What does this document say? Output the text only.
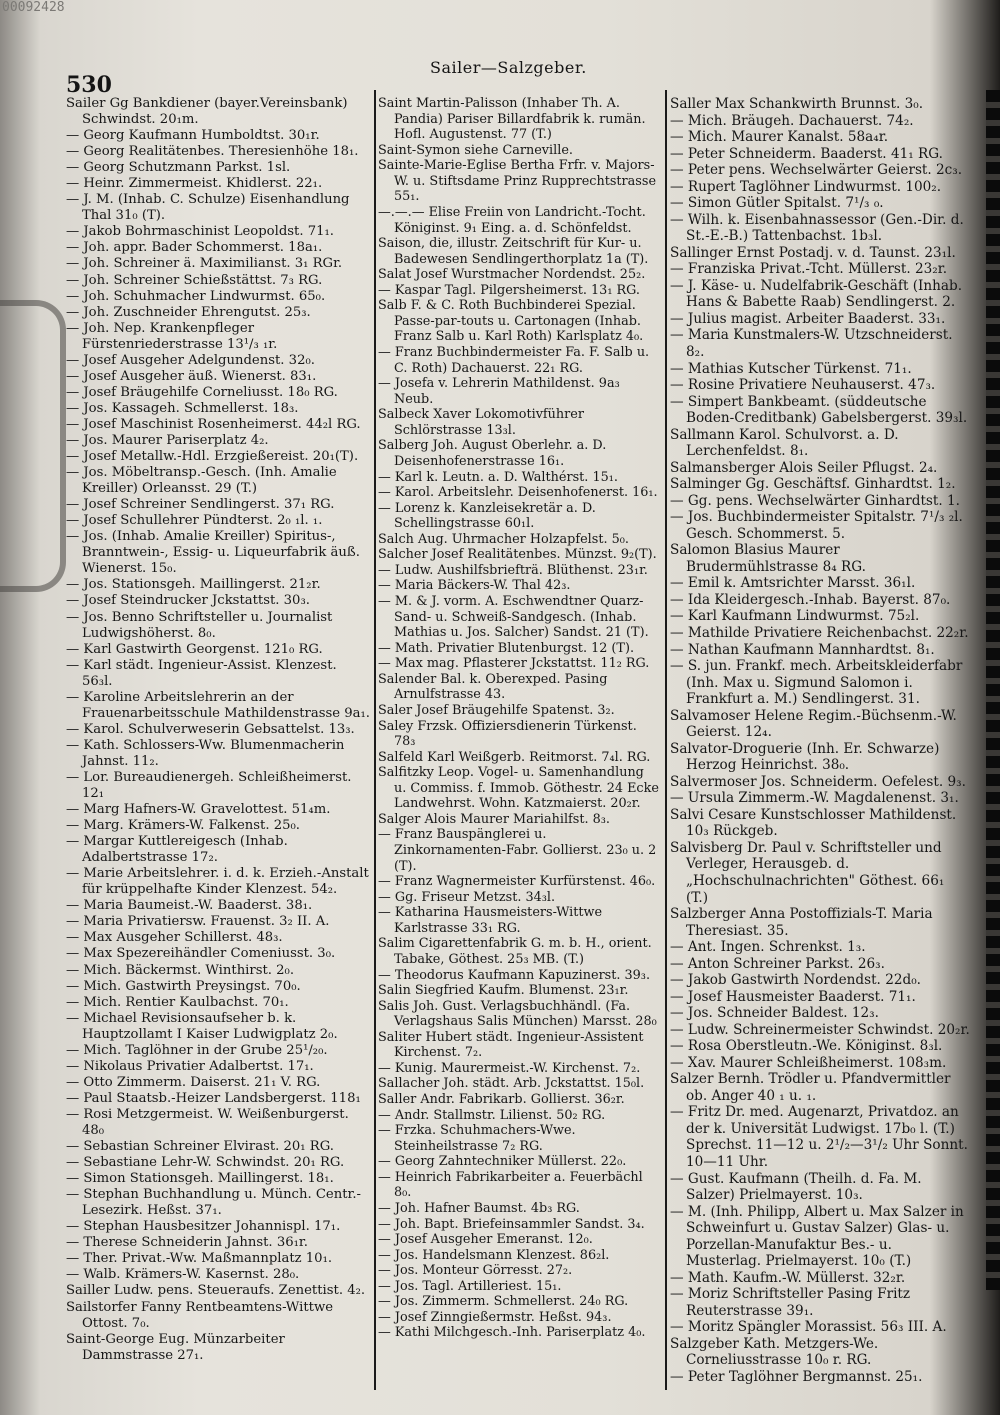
00092428
530
Sailer—Salzgeber.

Sailer Gg Bankdiener (bayer.Vereinsbank) Schwindst. 20₁m.

— Georg Kaufmann Humboldtst. 30₁r.

— Georg Realitätenbes. Theresienhöhe 18₁.

— Georg Schutzmann Parkst. 1sl.

— Heinr. Zimmermeist. Khidlerst. 22₁.

— J. M. (Inhab. C. Schulze) Eisenhandlung Thal 31₀ (T).

— Jakob Bohrmaschinist Leopoldst. 71₁.

— Joh. appr. Bader Schommerst. 18a₁.

— Joh. Schreiner ä. Maximilianst. 3₁ RGr.

— Joh. Schreiner Schießstättst. 7₃ RG.

— Joh. Schuhmacher Lindwurmst. 65₀.

— Joh. Zuschneider Ehrengutst. 25₃.

— Joh. Nep. Krankenpfleger Fürstenriederstrasse 13¹/₃ ₁r.

— Josef Ausgeher Adelgundenst. 32₀.

— Josef Ausgeher äuß. Wienerst. 83₁.

— Josef Bräugehilfe Corneliusst. 18₀ RG.

— Jos. Kassageh. Schmellerst. 18₃.

— Josef Maschinist Rosenheimerst. 44₂l RG.

— Jos. Maurer Pariserplatz 4₂.

— Josef Metallw.-Hdl. Erzgießereist. 20₁(T).

— Jos. Möbeltransp.-Gesch. (Inh. Amalie Kreiller) Orleansst. 29 (T.)

— Josef Schreiner Sendlingerst. 37₁ RG.

— Josef Schullehrer Pündterst. 2₀ ₁l. ₁.

— Jos. (Inhab. Amalie Kreiller) Spiritus-, Branntwein-, Essig- u. Liqueurfabrik äuß. Wienerst. 15₀.

— Jos. Stationsgeh. Maillingerst. 21₂r.

— Josef Steindrucker Jckstattst. 30₃.

— Jos. Benno Schriftsteller u. Journalist Ludwigshöherst. 8₀.

— Karl Gastwirth Georgenst. 121₀ RG.

— Karl städt. Ingenieur-Assist. Klenzest. 56₃l.

— Karoline Arbeitslehrerin an der Frauenarbeitsschule Mathildenstrasse 9a₁.

— Karol. Schulverweserin Gebsattelst. 13₃.

— Kath. Schlossers-Ww. Blumenmacherin Jahnst. 11₂.

— Lor. Bureaudienergeh. Schleißheimerst. 12₁

— Marg Hafners-W. Gravelottest. 51₄m.

— Marg. Krämers-W. Falkenst. 25₀.

— Margar Kuttlereigesch (Inhab. Adalbertstrasse 17₂.

— Marie Arbeitslehrer. i. d. k. Erzieh.-Anstalt für krüppelhafte Kinder Klenzest. 54₂.

— Maria Baumeist.-W. Baaderst. 38₁.

— Maria Privatiersw. Frauenst. 3₂ II. A.

— Max Ausgeher Schillerst. 48₃.

— Max Spezereihändler Comeniusst. 3₀.

— Mich. Bäckermst. Winthirst. 2₀.

— Mich. Gastwirth Preysingst. 70₀.

— Mich. Rentier Kaulbachst. 70₁.

— Michael Revisionsaufseher b. k. Hauptzollamt I Kaiser Ludwigplatz 2₀.

— Mich. Taglöhner in der Grube 25¹/₂₀.

— Nikolaus Privatier Adalbertst. 17₁.

— Otto Zimmerm. Daiserst. 21₁ V. RG.

— Paul Staatsb.-Heizer Landsbergerst. 118₁

— Rosi Metzgermeist. W. Weißenburgerst. 48₀

— Sebastian Schreiner Elvirast. 20₁ RG.

— Sebastiane Lehr-W. Schwindst. 20₁ RG.

— Simon Stationsgeh. Maillingerst. 18₁.

— Stephan Buchhandlung u. Münch. Centr.-Lesezirk. Heßst. 37₁.

— Stephan Hausbesitzer Johannispl. 17₁.

— Therese Schneiderin Jahnst. 36₁r.

— Ther. Privat.-Ww. Maßmannplatz 10₁.

— Walb. Krämers-W. Kasernst. 28₀.

Sailler Ludw. pens. Steueraufs. Zenettist. 4₂.

Sailstorfer Fanny Rentbeamtens-Wittwe Ottost. 7₀.

Saint-George Eug. Münzarbeiter Dammstrasse 27₁.

Saint Martin-Palisson (Inhaber Th. A. Pandia) Pariser Billardfabrik k. rumän. Hofl. Augustenst. 77 (T.)

Saint-Symon siehe Carneville.

Sainte-Marie-Eglise Bertha Frfr. v. Majors-W. u. Stiftsdame Prinz Rupprechtstrasse 55₁.

—.—.— Elise Freiin von Landricht.-Tocht. Königinst. 9₁ Eing. a. d. Schönfeldst.

Saison, die, illustr. Zeitschrift für Kur- u. Badewesen Sendlingerthorplatz 1a (T).

Salat Josef Wurstmacher Nordendst. 25₂.

— Kaspar Tagl. Pilgersheimerst. 13₁ RG.

Salb F. & C. Roth Buchbinderei Spezial. Passe-par-touts u. Cartonagen (Inhab. Franz Salb u. Karl Roth) Karlsplatz 4₀.

— Franz Buchbindermeister Fa. F. Salb u. C. Roth) Dachauerst. 22₁ RG.

— Josefa v. Lehrerin Mathildenst. 9a₃ Neub.

Salbeck Xaver Lokomotivführer Schlörstrasse 13₃l.

Salberg Joh. August Oberlehr. a. D. Deisenhofenerstrasse 16₁.

— Karl k. Leutn. a. D. Walthérst. 15₁.

— Karol. Arbeitslehr. Deisenhofenerst. 16₁.

— Lorenz k. Kanzleisekretär a. D. Schellingstrasse 60₁l.

Salch Aug. Uhrmacher Holzapfelst. 5₀.

Salcher Josef Realitätenbes. Münzst. 9₂(T).

— Ludw. Aushilfsbriefträ. Blüthenst. 23₁r.

— Maria Bäckers-W. Thal 42₃.

— M. & J. vorm. A. Eschwendtner Quarz-Sand- u. Schweiß-Sandgesch. (Inhab. Mathias u. Jos. Salcher) Sandst. 21 (T).

— Math. Privatier Blutenburgst. 12 (T).

— Max mag. Pflasterer Jckstattst. 11₂ RG.

Salender Bal. k. Oberexped. Pasing Arnulfstrasse 43.

Saler Josef Bräugehilfe Spatenst. 3₂.

Saley Frzsk. Offiziersdienerin Türkenst. 78₃

Salfeld Karl Weißgerb. Reitmorst. 7₄l. RG.

Salfitzky Leop. Vogel- u. Samenhandlung u. Commiss. f. Immob. Göthestr. 24 Ecke Landwehrst. Wohn. Katzmaierst. 20₂r.

Salger Alois Maurer Mariahilfst. 8₃.

— Franz Bauspänglerei u. Zinkornamenten-Fabr. Gollierst. 23₀ u. 2 (T).

— Franz Wagnermeister Kurfürstenst. 46₀.

— Gg. Friseur Metzst. 34₃l.

— Katharina Hausmeisters-Wittwe Karlstrasse 33₁ RG.

Salim Cigarettenfabrik G. m. b. H., orient. Tabake, Göthest. 25₃ MB. (T.)

— Theodorus Kaufmann Kapuzinerst. 39₃.

Salin Siegfried Kaufm. Blumenst. 23₁r.

Salis Joh. Gust. Verlagsbuchhändl. (Fa. Verlagshaus Salis München) Marsst. 28₀

Saliter Hubert städt. Ingenieur-Assistent Kirchenst. 7₂.

— Kunig. Maurermeist.-W. Kirchenst. 7₂.

Sallacher Joh. städt. Arb. Jckstattst. 15₀l.

Saller Andr. Fabrikarb. Gollierst. 36₂r.

— Andr. Stallmstr. Lilienst. 50₂ RG.

— Frzka. Schuhmachers-Wwe. Steinheilstrasse 7₂ RG.

— Georg Zahntechniker Müllerst. 22₀.

— Heinrich Fabrikarbeiter a. Feuerbächl 8₀.

— Joh. Hafner Baumst. 4b₃ RG.

— Joh. Bapt. Briefeinsammler Sandst. 3₄.

— Josef Ausgeher Emeranst. 12₀.

— Jos. Handelsmann Klenzest. 86₂l.

— Jos. Monteur Görresst. 27₂.

— Jos. Tagl. Artilleriest. 15₁.

— Jos. Zimmerm. Schmellerst. 24₀ RG.

— Josef Zinngießermstr. Heßst. 94₃.

— Kathi Milchgesch.-Inh. Pariserplatz 4₀.

Saller Max Schankwirth Brunnst. 3₀.

— Mich. Bräugeh. Dachauerst. 74₂.

— Mich. Maurer Kanalst. 58a₄r.

— Peter Schneiderm. Baaderst. 41₁ RG.

— Peter pens. Wechselwärter Geierst. 2c₃.

— Rupert Taglöhner Lindwurmst. 100₂.

— Simon Gütler Spitalst. 7¹/₃ ₀.

— Wilh. k. Eisenbahnassessor (Gen.-Dir. d. St.-E.-B.) Tattenbachst. 1b₃l.

Sallinger Ernst Postadj. v. d. Taunst. 23₁l.

— Franziska Privat.-Tcht. Müllerst. 23₂r.

— J. Käse- u. Nudelfabrik-Geschäft (Inhab. Hans & Babette Raab) Sendlingerst. 2.

— Julius magist. Arbeiter Baaderst. 33₁.

— Maria Kunstmalers-W. Utzschneiderst. 8₂.

— Mathias Kutscher Türkenst. 71₁.

— Rosine Privatiere Neuhauserst. 47₃.

— Simpert Bankbeamt. (süddeutsche Boden-Creditbank) Gabelsbergerst. 39₃l.

Sallmann Karol. Schulvorst. a. D. Lerchenfeldst. 8₁.

Salmansberger Alois Seiler Pflugst. 2₄.

Salminger Gg. Geschäftsf. Ginhardtst. 1₂.

— Gg. pens. Wechselwärter Ginhardtst. 1.

— Jos. Buchbindermeister Spitalstr. 7¹/₃ ₂l. Gesch. Schommerst. 5.

Salomon Blasius Maurer Brudermühlstrasse 8₄ RG.

— Emil k. Amtsrichter Marsst. 36₁l.

— Ida Kleidergesch.-Inhab. Bayerst. 87₀.

— Karl Kaufmann Lindwurmst. 75₂l.

— Mathilde Privatiere Reichenbachst. 22₂r.

— Nathan Kaufmann Mannhardtst. 8₁.

— S. jun. Frankf. mech. Arbeitskleiderfabr (Inh. Max u. Sigmund Salomon i. Frankfurt a. M.) Sendlingerst. 31.

Salvamoser Helene Regim.-Büchsenm.-W. Geierst. 12₄.

Salvator-Droguerie (Inh. Er. Schwarze) Herzog Heinrichst. 38₀.

Salvermoser Jos. Schneiderm. Oefelest. 9₃.

— Ursula Zimmerm.-W. Magdalenenst. 3₁.

Salvi Cesare Kunstschlosser Mathildenst. 10₃ Rückgeb.

Salvisberg Dr. Paul v. Schriftsteller und Verleger, Herausgeb. d. „Hochschulnachrichten" Göthest. 66₁ (T.)

Salzberger Anna Postoffizials-T. Maria Theresiast. 35.

— Ant. Ingen. Schrenkst. 1₃.

— Anton Schreiner Parkst. 26₃.

— Jakob Gastwirth Nordendst. 22d₀.

— Josef Hausmeister Baaderst. 71₁.

— Jos. Schneider Baldest. 12₃.

— Ludw. Schreinermeister Schwindst. 20₂r.

— Rosa Oberstleutn.-We. Königinst. 8₃l.

— Xav. Maurer Schleißheimerst. 108₃m.

Salzer Bernh. Trödler u. Pfandvermittler ob. Anger 40 ₁ u. ₁.

— Fritz Dr. med. Augenarzt, Privatdoz. an der k. Universität Ludwigst. 17b₀ l. (T.) Sprechst. 11—12 u. 2¹/₂—3¹/₂ Uhr Sonnt. 10—11 Uhr.

— Gust. Kaufmann (Theilh. d. Fa. M. Salzer) Prielmayerst. 10₃.

— M. (Inh. Philipp, Albert u. Max Salzer in Schweinfurt u. Gustav Salzer) Glas- u. Porzellan-Manufaktur Bes.- u. Musterlag. Prielmayerst. 10₀ (T.)

— Math. Kaufm.-W. Müllerst. 32₂r.

— Moriz Schriftsteller Pasing Fritz Reuterstrasse 39₁.

— Moritz Spängler Morassist. 56₃ III. A.

Salzgeber Kath. Metzgers-We. Corneliusstrasse 10₀ r. RG.

— Peter Taglöhner Bergmannst. 25₁.
